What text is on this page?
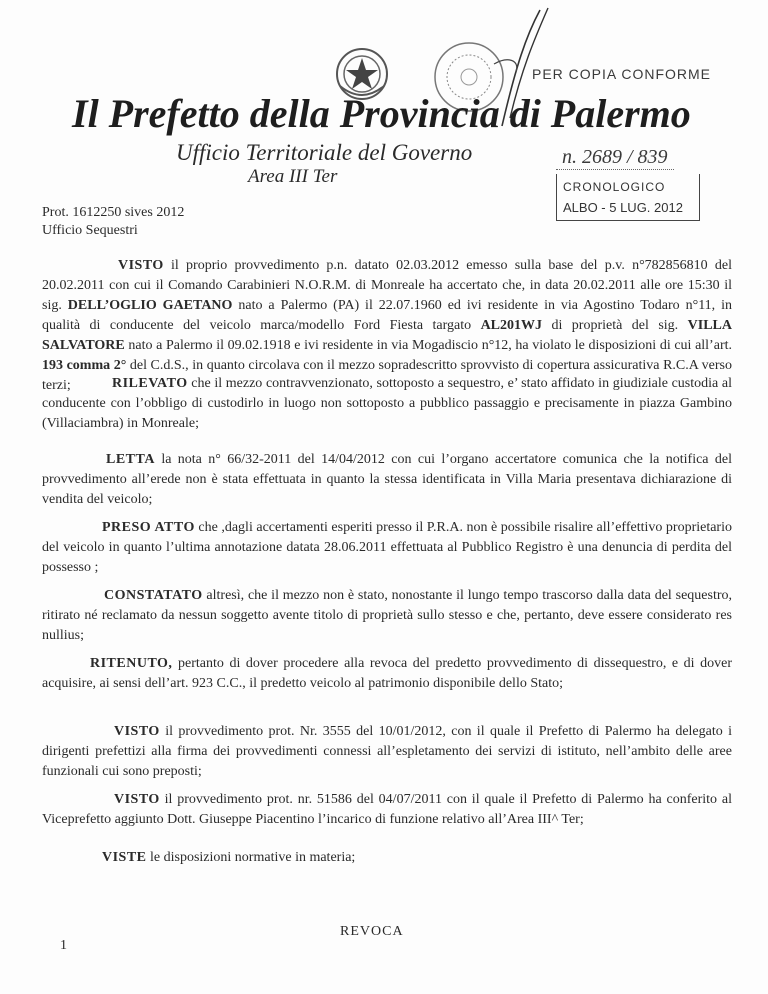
PER COPIA CONFORME
Il Prefetto della Provincia di Palermo
Ufficio Territoriale del Governo
Area III Ter
n. 2689 / 839
CRONOLOGICO
ALBO - 5 LUG. 2012
Prot. 1612250 sives 2012
Ufficio Sequestri

VISTO il proprio provvedimento p.n. datato 02.03.2012 emesso sulla base del p.v. n°782856810 del 20.02.2011 con cui il Comando Carabinieri N.O.R.M. di Monreale ha accertato che, in data 20.02.2011 alle ore 15:30 il sig. DELL’OGLIO GAETANO nato a Palermo (PA) il 22.07.1960 ed ivi residente in via Agostino Todaro n°11, in qualità di conducente del veicolo marca/modello Ford Fiesta targato AL201WJ di proprietà del sig. VILLA SALVATORE nato a Palermo il 09.02.1918 e ivi residente in via Mogadiscio n°12, ha violato le disposizioni di cui all’art. 193 comma 2° del C.d.S., in quanto circolava con il mezzo sopradescritto sprovvisto di copertura assicurativa R.C.A verso terzi;	RILEVATO che il mezzo contravvenzionato, sottoposto a sequestro, e’ stato affidato in giudiziale custodia al conducente con l’obbligo di custodirlo in luogo non sottoposto a pubblico passaggio e precisamente in piazza Gambino (Villaciambra) in Monreale;

LETTA la nota n° 66/32-2011 del 14/04/2012 con cui l’organo accertatore comunica che la notifica del provvedimento all’erede non è stata effettuata in quanto la stessa identificata in Villa Maria presentava dichiarazione di vendita del veicolo;

PRESO ATTO che ,dagli accertamenti esperiti presso il P.R.A. non è possibile risalire all’effettivo proprietario del veicolo in quanto l’ultima annotazione datata 28.06.2011 effettuata al Pubblico Registro è una denuncia di perdita del possesso ;

CONSTATATO altresì, che il mezzo non è stato, nonostante il lungo tempo trascorso dalla data del sequestro, ritirato né reclamato da nessun soggetto avente titolo di proprietà sullo stesso e che, pertanto, deve essere considerato res nullius;

RITENUTO, pertanto di dover procedere alla revoca del predetto provvedimento di dissequestro, e di dover acquisire, ai sensi dell’art. 923 C.C., il predetto veicolo al patrimonio disponibile dello Stato;

VISTO il provvedimento prot. Nr. 3555 del 10/01/2012, con il quale il Prefetto di Palermo ha delegato i dirigenti prefettizi alla firma dei provvedimenti connessi all’espletamento dei servizi di istituto, nell’ambito delle aree funzionali cui sono preposti;

VISTO il provvedimento prot. nr. 51586 del 04/07/2011 con il quale il Prefetto di Palermo ha conferito al Viceprefetto aggiunto Dott. Giuseppe Piacentino l’incarico di funzione relativo all’Area III^ Ter;

VISTE le disposizioni normative in materia;

REVOCA
1
